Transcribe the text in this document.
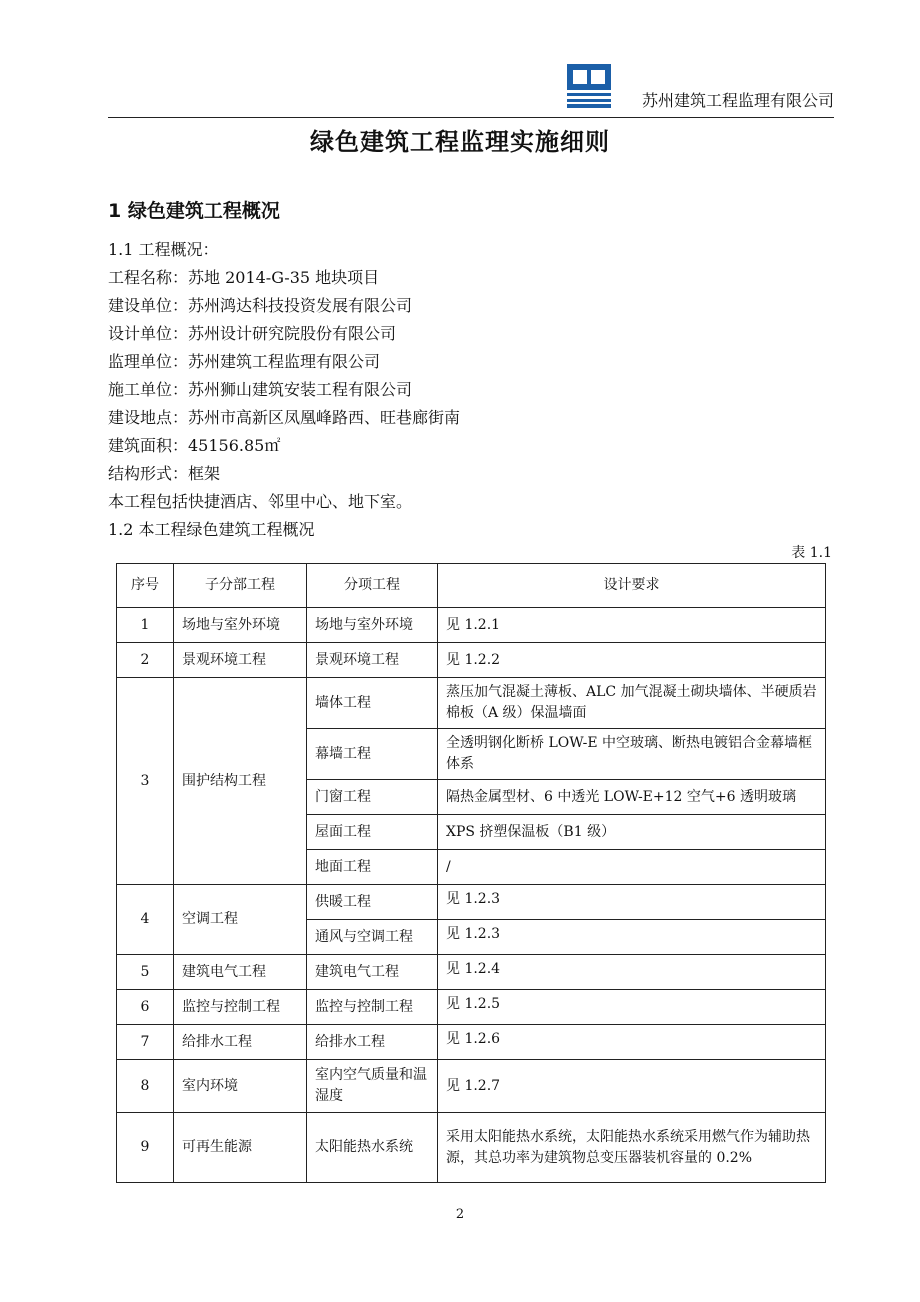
苏州建筑工程监理有限公司
绿色建筑工程监理实施细则
1 绿色建筑工程概况
1.1 工程概况：
工程名称：苏地 2014-G-35 地块项目
建设单位：苏州鸿达科技投资发展有限公司
设计单位：苏州设计研究院股份有限公司
监理单位：苏州建筑工程监理有限公司
施工单位：苏州狮山建筑安装工程有限公司
建设地点：苏州市高新区凤凰峰路西、旺巷廊街南
建筑面积：45156.85㎡
结构形式：框架
本工程包括快捷酒店、邻里中心、地下室。
1.2 本工程绿色建筑工程概况
表 1.1
序号	子分部工程	分项工程	设计要求
1	场地与室外环境	场地与室外环境	见 1.2.1
2	景观环境工程	景观环境工程	见 1.2.2
3	围护结构工程	墙体工程	蒸压加气混凝土薄板、ALC 加气混凝土砌块墙体、半硬质岩棉板（A 级）保温墙面
		幕墙工程	全透明钢化断桥 LOW-E 中空玻璃、断热电镀铝合金幕墙框体系
		门窗工程	隔热金属型材、6 中透光 LOW-E+12 空气+6 透明玻璃
		屋面工程	XPS 挤塑保温板（B1 级）
		地面工程	/
4	空调工程	供暖工程	见 1.2.3
		通风与空调工程	见 1.2.3
5	建筑电气工程	建筑电气工程	见 1.2.4
6	监控与控制工程	监控与控制工程	见 1.2.5
7	给排水工程	给排水工程	见 1.2.6
8	室内环境	室内空气质量和温湿度	见 1.2.7
9	可再生能源	太阳能热水系统	采用太阳能热水系统，太阳能热水系统采用燃气作为辅助热源，其总功率为建筑物总变压器装机容量的 0.2%
2
